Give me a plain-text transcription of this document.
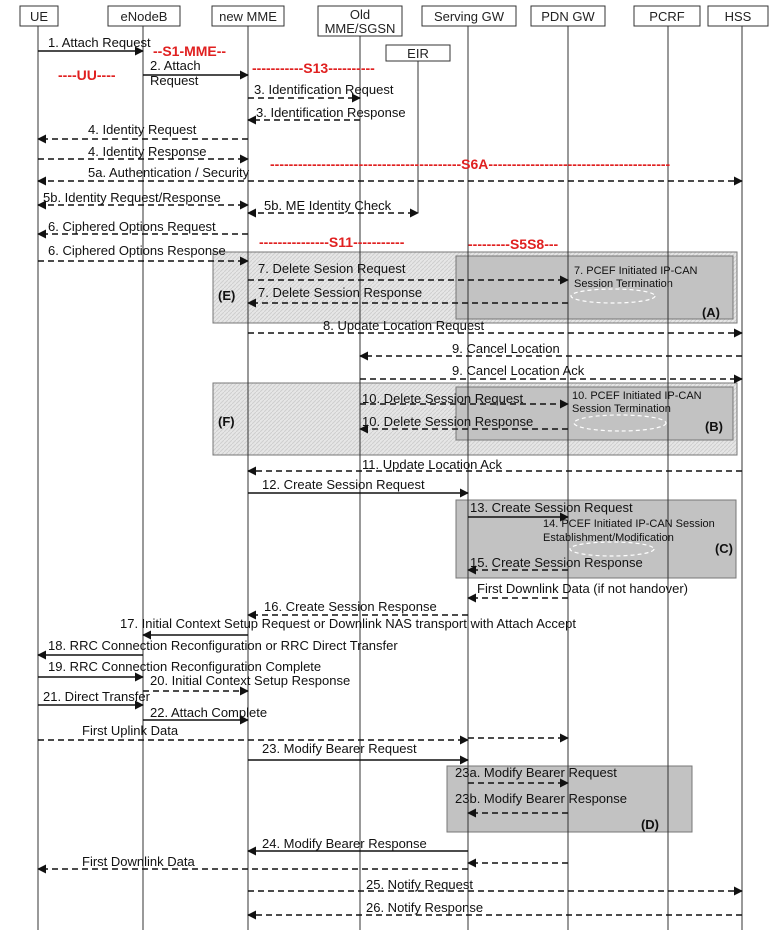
(E)
(A)
(F)	(B)
(C)
(D)
UE	eNodeB	new MME	Old
MME/SGSN
Serving GW	PDN GW	PCRF	HSS
EIR
----UU----
--S1-MME--
-----------S13----------
-----------------------------------------S6A---------------------------------------
---------------S11-----------	---------S5S8---
1. Attach Request
2. Attach
Request
3. Identification Request
3. Identification Response
4. Identity Request
4. Identity Response
5a. Authentication / Security
5b. Identity Request/Response
5b. ME Identity Check
6. Ciphered Options Request
6. Ciphered Options Response
7. Delete Sesion Request
7. Delete Session Response
7. PCEF Initiated IP-CAN
Session Termination
8. Update Location Request
9. Cancel Location
9. Cancel Location Ack
10. Delete Session Request
10. Delete Session Response
10. PCEF Initiated IP-CAN
Session Termination
11. Update Location Ack
12. Create Session Request
13. Create Session Request
14. PCEF Initiated IP-CAN Session
Establishment/Modification
15. Create Session Response
First Downlink Data (if not handover)
16. Create Session Response
17. Initial Context Setup Request or Downlink NAS transport with Attach Accept
18. RRC Connection Reconfiguration or RRC Direct Transfer
19. RRC Connection Reconfiguration Complete
20. Initial Context Setup Response
21. Direct Transfer
22. Attach Complete
First Uplink Data
23. Modify Bearer Request
23a. Modify Bearer Request
23b. Modify Bearer Response
24. Modify Bearer Response
First Downlink Data
25. Notify Request
26. Notify Response
